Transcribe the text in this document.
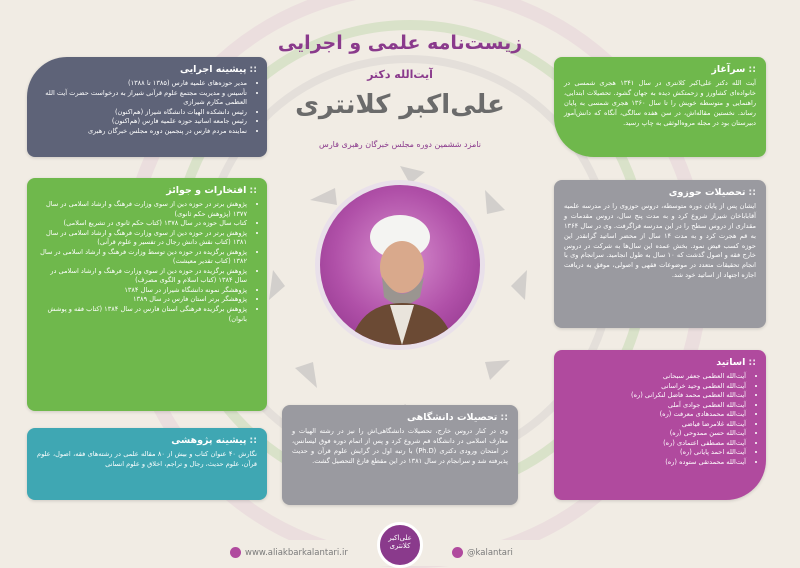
زیست‌نامه علمی و اجرایی
آیت‌الله دکتر
علی‌اکبر کلانتری
نامزد ششمین دوره مجلس خبرگان رهبری فارس
::سرآغاز

آیت الله دکتر علی‌اکبر کلانتری در سال ۱۳۴۱ هجری شمسی در خانواده‌ای کشاورز و زحمتکش دیده به جهان گشود. تحصیلات ابتدایی، راهنمایی و متوسطه خویش را تا سال ۱۳۶۰ هجری شمسی به پایان رساند. نخستین مقاله‌اش، در سن هفده سالگی، آنگاه که دانش‌آموز دبیرستان بود در مجله مروه‌الوثقی به چاپ رسید.

::تحصیلات حوزوی

ایشان پس از پایان دوره متوسطه، دروس حوزوی را در مدرسه علمیه آقابابا‌خان شیراز شروع کرد و به مدت پنج سال، دروس مقدمات و مقداری از دروس سطح را در این مدرسه فراگرفت. وی در سال ۱۳۶۴ به قم هجرت کرد و به مدت ۱۴ سال از محضر اساتید گرانقدر این حوزه کسب فیض نمود. بخش عمده این سال‌ها به شرکت در دروس خارج فقه و اصول گذشت که ۱۰ سال به طول انجامید. سرانجام وی با انجام تحقیقات متعدد در موضوعات فقهی و اصولی، موفق به دریافت اجازه اجتهاد از اساتید خود شد.

::اساتید
• آیت‌الله العظمی جعفر سبحانی
• آیت‌الله العظمی وحید خراسانی
• آیت‌الله العظمی محمد فاضل لنکرانی (ره)
• آیت‌الله العظمی جوادی آملی
• آیت‌الله محمدهادی معرفت (ره)
• آیت‌الله غلامرضا فیاضی
• آیت‌الله حسن ممدوحی (ره)
• آیت‌الله مصطفی اعتمادی (ره)
• آیت‌الله احمد پایانی (ره)
• آیت‌الله محمدتقی ستوده (ره)
::تحصیلات دانشگاهی

وی در کنار دروس خارج، تحصیلات دانشگاهی‌اش را نیز در رشته الهیات و معارف اسلامی در دانشگاه قم شروع کرد و پس از اتمام دوره فوق لیسانس، در امتحان ورودی دکتری (Ph.D) با رتبه اول در گرایش علوم قرآن و حدیث پذیرفته شد و سرانجام در سال ۱۳۸۱ در این مقطع فارغ التحصیل گشت.

::پیشینه پژوهشی

نگارش ۴۰ عنوان کتاب و بیش از ۸۰ مقاله علمی در رشته‌های فقه، اصول، علوم قرآن، علوم حدیث، رجال و تراجم، اخلاق و علوم انسانی

::افتخارات و جوائز
• پژوهش برتر در حوزه دین از سوی وزارت فرهنگ و ارشاد اسلامی در سال ۱۳۷۷ (پژوهش حکم ثانوی)
• کتاب سال حوزه در سال ۱۳۷۸ (کتاب حکم ثانوی در تشریع اسلامی)
• پژوهش برتر در حوزه دین از سوی وزارت فرهنگ و ارشاد اسلامی در سال ۱۳۸۱ (کتاب نقش دانش رجال در تفسیر و علوم قرآنی)
• پژوهش برگزیده در حوزه دین توسط وزارت فرهنگ و ارشاد اسلامی در سال ۱۳۸۲ (کتاب تقدیر معیشت)
• پژوهش برگزیده در حوزه دین از سوی وزارت فرهنگ و ارشاد اسلامی در سال ۱۳۸۴ (کتاب اسلام و الگوی مصرف)
• پژوهشگر نمونه دانشگاه شیراز در سال ۱۳۸۴
• پژوهشگر برتر استان فارس در سال ۱۳۸۹
• پژوهش برگزیده فرهنگی استان فارس در سال ۱۳۸۴ (کتاب فقه و پوشش بانوان)
::پیشینه اجرایی
• مدیر حوزه‌های علمیه فارس (۱۳۸۵ تا ۱۳۸۸)
• تأسیس و مدیریت مجتمع علوم قرآنی شیراز به درخواست حضرت آیت الله العظمی مکارم شیرازی
• رئیس دانشکده الهیات دانشگاه شیراز (هم‌اکنون)
• رئیس جامعه اساتید حوزه علمیه فارس (هم‌اکنون)
• نماینده مردم فارس در پنجمین دوره مجلس خبرگان رهبری
www.aliakbarkalantari.ir	@kalantari
علی‌اکبر کلانتری
